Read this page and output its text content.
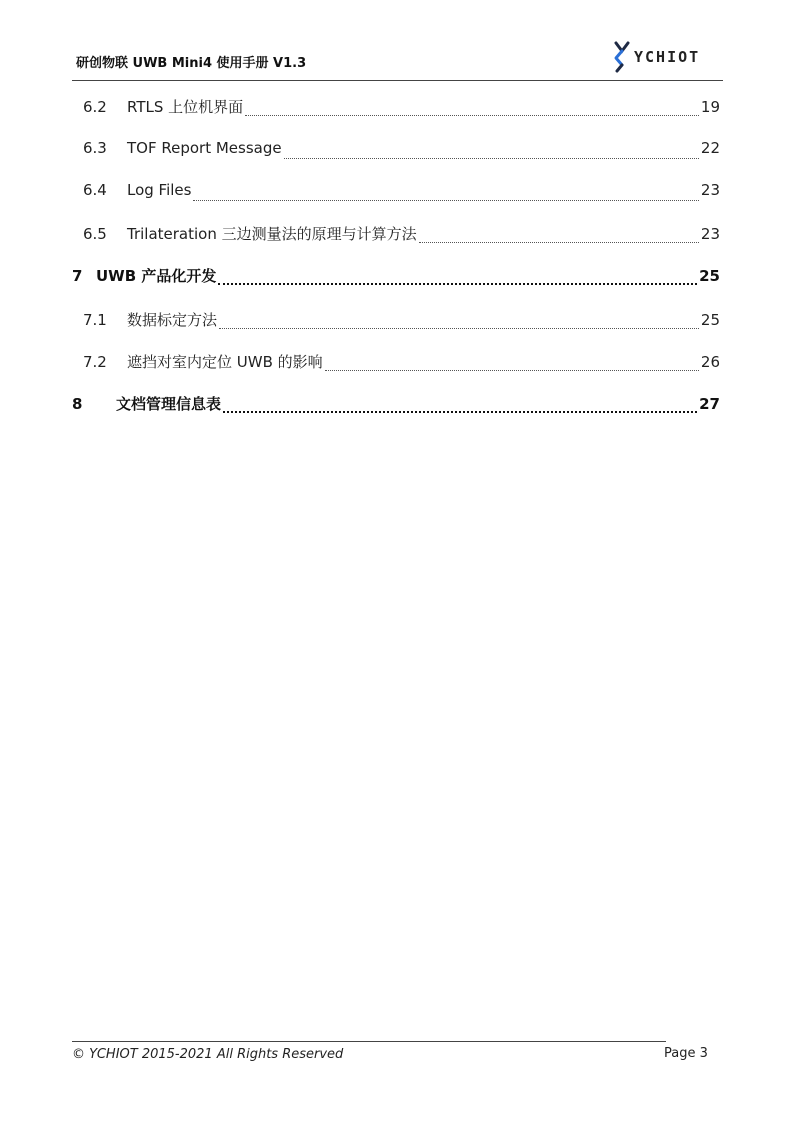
研创物联 UWB Mini4 使用手册 V1.3	YCHIOT
6.2	RTLS 上位机界面	19
6.3	TOF Report Message	22
6.4	Log Files	23
6.5	Trilateration 三边测量法的原理与计算方法	23
7 UWB 产品化开发	25
7.1	数据标定方法	25
7.2	遮挡对室内定位 UWB 的影响	26
8	文档管理信息表	27
© YCHIOT 2015-2021 All Rights Reserved	Page 3
